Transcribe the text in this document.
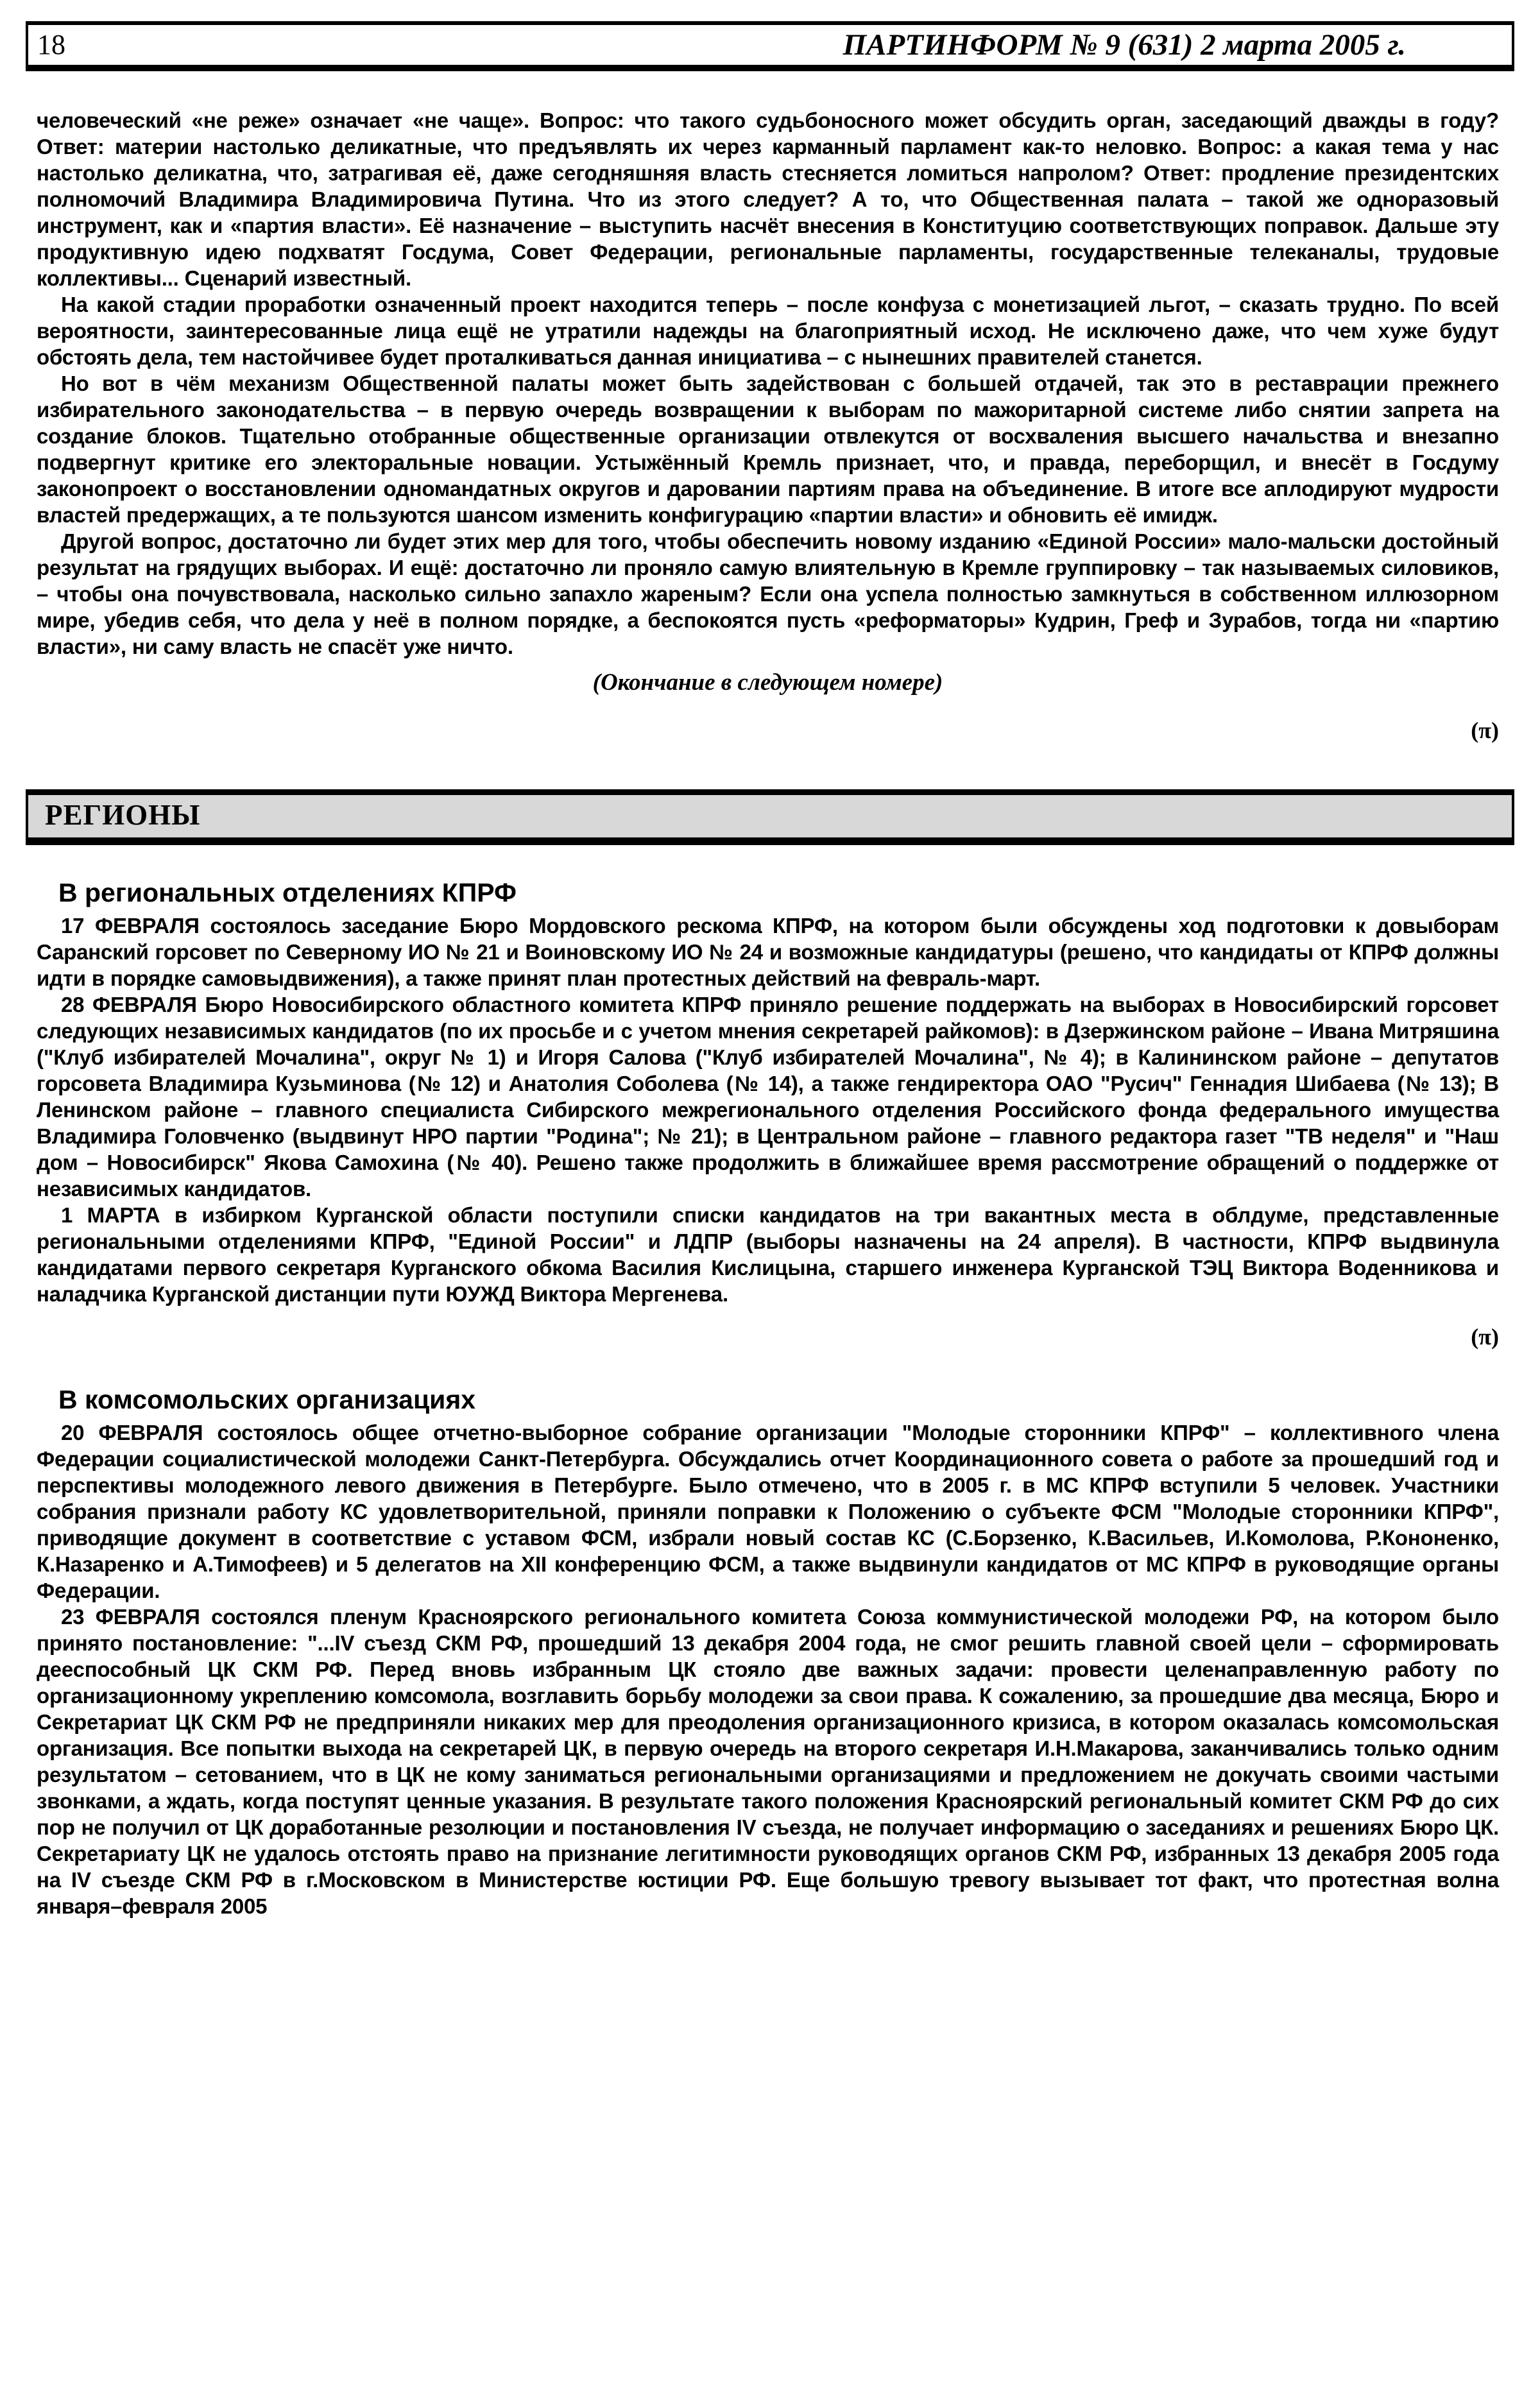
18	ПАРТИНФОРМ № 9 (631) 2 марта 2005 г.

человеческий «не реже» означает «не чаще». Вопрос: что такого судьбоносного может обсудить орган, заседающий дважды в году? Ответ: материи настолько деликатные, что предъявлять их через карманный парламент как-то неловко. Вопрос: а какая тема у нас настолько деликатна, что, затрагивая её, даже сегодняшняя власть стесняется ломиться напролом? Ответ: продление президентских полномочий Владимира Владимировича Путина. Что из этого следует? А то, что Общественная палата – такой же одноразовый инструмент, как и «партия власти». Её назначение – выступить насчёт внесения в Конституцию соответствующих поправок. Дальше эту продуктивную идею подхватят Госдума, Совет Федерации, региональные парламенты, государственные телеканалы, трудовые коллективы... Сценарий известный.

На какой стадии проработки означенный проект находится теперь – после конфуза с монетизацией льгот, – сказать трудно. По всей вероятности, заинтересованные лица ещё не утратили надежды на благоприятный исход. Не исключено даже, что чем хуже будут обстоять дела, тем настойчивее будет проталкиваться данная инициатива – с нынешних правителей станется.

Но вот в чём механизм Общественной палаты может быть задействован с большей отдачей, так это в реставрации прежнего избирательного законодательства – в первую очередь возвращении к выборам по мажоритарной системе либо снятии запрета на создание блоков. Тщательно отобранные общественные организации отвлекутся от восхваления высшего начальства и внезапно подвергнут критике его электоральные новации. Устыжённый Кремль признает, что, и правда, переборщил, и внесёт в Госдуму законопроект о восстановлении одномандатных округов и даровании партиям права на объединение. В итоге все аплодируют мудрости властей предержащих, а те пользуются шансом изменить конфигурацию «партии власти» и обновить её имидж.

Другой вопрос, достаточно ли будет этих мер для того, чтобы обеспечить новому изданию «Единой России» мало-мальски достойный результат на грядущих выборах. И ещё: достаточно ли проняло самую влиятельную в Кремле группировку – так называемых силовиков, – чтобы она почувствовала, насколько сильно запахло жареным? Если она успела полностью замкнуться в собственном иллюзорном мире, убедив себя, что дела у неё в полном порядке, а беспокоятся пусть «реформаторы» Кудрин, Греф и Зурабов, тогда ни «партию власти», ни саму власть не спасёт уже ничто.

(Окончание в следующем номере)

(π)

РЕГИОНЫ
В региональных отделениях КПРФ

17 ФЕВРАЛЯ состоялось заседание Бюро Мордовского рескома КПРФ, на котором были обсуждены ход подготовки к довыборам Саранский горсовет по Северному ИО № 21 и Воиновскому ИО № 24 и возможные кандидатуры (решено, что кандидаты от КПРФ должны идти в порядке самовыдвижения), а также принят план протестных действий на февраль-март.

28 ФЕВРАЛЯ Бюро Новосибирского областного комитета КПРФ приняло решение поддержать на выборах в Новосибирский горсовет следующих независимых кандидатов (по их просьбе и с учетом мнения секретарей райкомов): в Дзержинском районе – Ивана Митряшина ("Клуб избирателей Мочалина", округ № 1) и Игоря Салова ("Клуб избирателей Мочалина", № 4); в Калининском районе – депутатов горсовета Владимира Кузьминова (№ 12) и Анатолия Соболева (№ 14), а также гендиректора ОАО "Русич" Геннадия Шибаева (№ 13); В Ленинском районе – главного специалиста Сибирского межрегионального отделения Российского фонда федерального имущества Владимира Головченко (выдвинут НРО партии "Родина"; № 21); в Центральном районе – главного редактора газет "ТВ неделя" и "Наш дом – Новосибирск" Якова Самохина (№ 40). Решено также продолжить в ближайшее время рассмотрение обращений о поддержке от независимых кандидатов.

1 МАРТА в избирком Курганской области поступили списки кандидатов на три вакантных места в облдуме, представленные региональными отделениями КПРФ, "Единой России" и ЛДПР (выборы назначены на 24 апреля). В частности, КПРФ выдвинула кандидатами первого секретаря Курганского обкома Василия Кислицына, старшего инженера Курганской ТЭЦ Виктора Воденникова и наладчика Курганской дистанции пути ЮУЖД Виктора Мергенева.

(π)

В комсомольских организациях

20 ФЕВРАЛЯ состоялось общее отчетно-выборное собрание организации "Молодые сторонники КПРФ" – коллективного члена Федерации социалистической молодежи Санкт-Петербурга. Обсуждались отчет Координационного совета о работе за прошедший год и перспективы молодежного левого движения в Петербурге. Было отмечено, что в 2005 г. в МС КПРФ вступили 5 человек. Участники собрания признали работу КС удовлетворительной, приняли поправки к Положению о субъекте ФСМ "Молодые сторонники КПРФ", приводящие документ в соответствие с уставом ФСМ, избрали новый состав КС (С.Борзенко, К.Васильев, И.Комолова, Р.Кононенко, К.Назаренко и А.Тимофеев) и 5 делегатов на XII конференцию ФСМ, а также выдвинули кандидатов от МС КПРФ в руководящие органы Федерации.

23 ФЕВРАЛЯ состоялся пленум Красноярского регионального комитета Союза коммунистической молодежи РФ, на котором было принято постановление: "...IV съезд СКМ РФ, прошедший 13 декабря 2004 года, не смог решить главной своей цели – сформировать дееспособный ЦК СКМ РФ. Перед вновь избранным ЦК стояло две важных задачи: провести целенаправленную работу по организационному укреплению комсомола, возглавить борьбу молодежи за свои права. К сожалению, за прошедшие два месяца, Бюро и Секретариат ЦК СКМ РФ не предприняли никаких мер для преодоления организационного кризиса, в котором оказалась комсомольская организация. Все попытки выхода на секретарей ЦК, в первую очередь на второго секретаря И.Н.Макарова, заканчивались только одним результатом – сетованием, что в ЦК не кому заниматься региональными организациями и предложением не докучать своими частыми звонками, а ждать, когда поступят ценные указания. В результате такого положения Красноярский региональный комитет СКМ РФ до сих пор не получил от ЦК доработанные резолюции и постановления IV съезда, не получает информацию о заседаниях и решениях Бюро ЦК. Секретариату ЦК не удалось отстоять право на признание легитимности руководящих органов СКМ РФ, избранных 13 декабря 2005 года на IV съезде СКМ РФ в г.Московском в Министерстве юстиции РФ. Еще большую тревогу вызывает тот факт, что протестная волна января–февраля 2005
